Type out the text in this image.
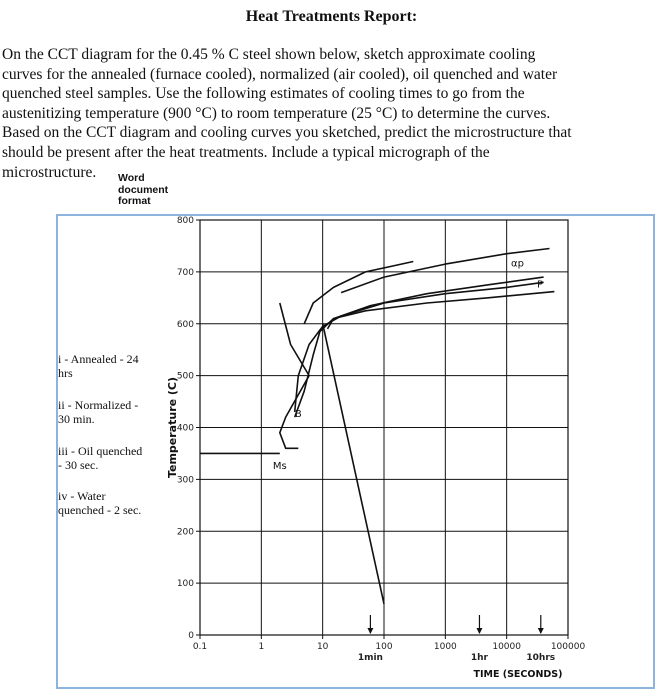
Heat Treatments Report:

On the CCT diagram for the 0.45 % C steel shown below, sketch approximate cooling

curves for the annealed (furnace cooled), normalized (air cooled), oil quenched and water

quenched steel samples. Use the following estimates of cooling times to go from the

austenitizing temperature (900 °C) to room temperature (25 °C) to determine the curves.

Based on the CCT diagram and cooling curves you sketched, predict the microstructure that

should be present after the heat treatments. Include a typical micrograph of the

microstructure.	Word
document
format
i - Annealed - 24
hrs
ii - Normalized -
30 min.
iii - Oil quenched
- 30 sec.
iv - Water
quenched - 2 sec.
0
100
200
300
400
500
600
700
800
0.1	1	10	100	1000	10000	100000
1min	1hr	10hrs
Temperature (C)
TIME (SECONDS)
αp
P
B
Ms
